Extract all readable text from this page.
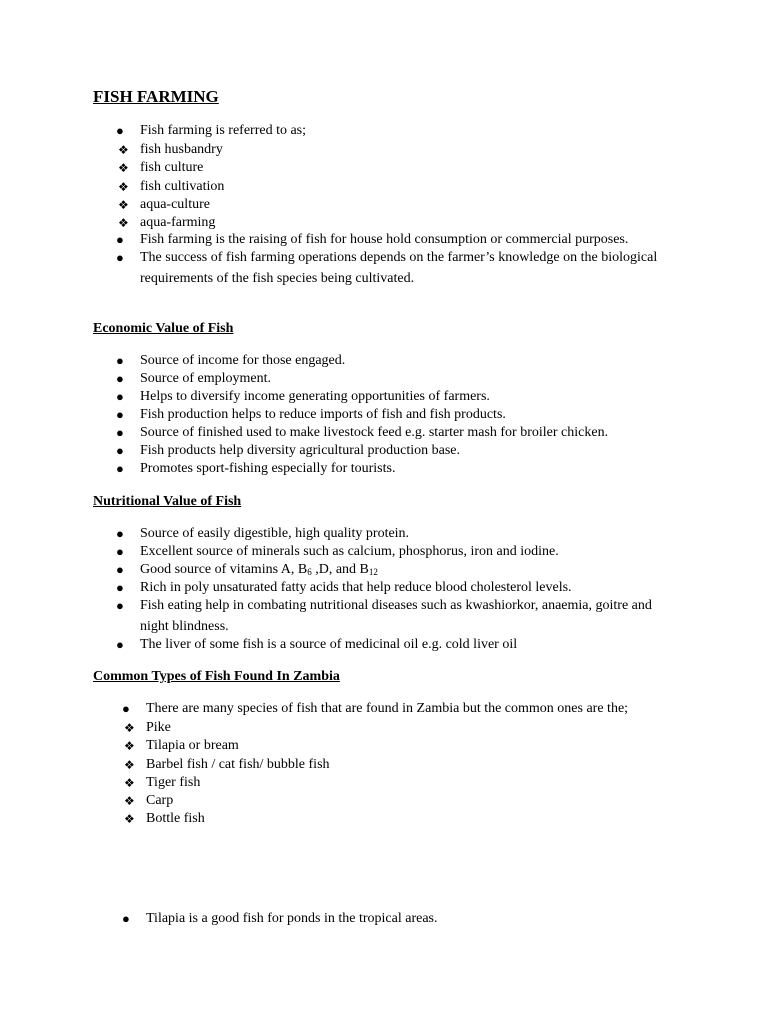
FISH FARMING
● Fish farming is referred to as;
❖ fish husbandry
❖ fish culture
❖ fish cultivation
❖ aqua-culture
❖ aqua-farming
● Fish farming is the raising of fish for house hold consumption or commercial purposes.
● The success of fish farming operations depends on the farmer’s knowledge on the biological requirements of the fish species being cultivated.
Economic Value of Fish
● Source of income for those engaged.
● Source of employment.
● Helps to diversify income generating opportunities of farmers.
● Fish production helps to reduce imports of fish and fish products.
● Source of finished used to make livestock feed e.g. starter mash for broiler chicken.
● Fish products help diversity agricultural production base.
● Promotes sport-fishing especially for tourists.
Nutritional Value of Fish
● Source of easily digestible, high quality protein.
● Excellent source of minerals such as calcium, phosphorus, iron and iodine.
● Good source of vitamins A, $B_6$ ,D, and $B_{12}$
● Rich in poly unsaturated fatty acids that help reduce blood cholesterol levels.
● Fish eating help in combating nutritional diseases such as kwashiorkor, anaemia, goitre and night blindness.
● The liver of some fish is a source of medicinal oil e.g. cold liver oil
Common Types of Fish Found In Zambia
● There are many species of fish that are found in Zambia but the common ones are the;
❖ Pike
❖ Tilapia or bream
❖ Barbel fish / cat fish/ bubble fish
❖ Tiger fish
❖ Carp
❖ Bottle fish
● Tilapia is a good fish for ponds in the tropical areas.
